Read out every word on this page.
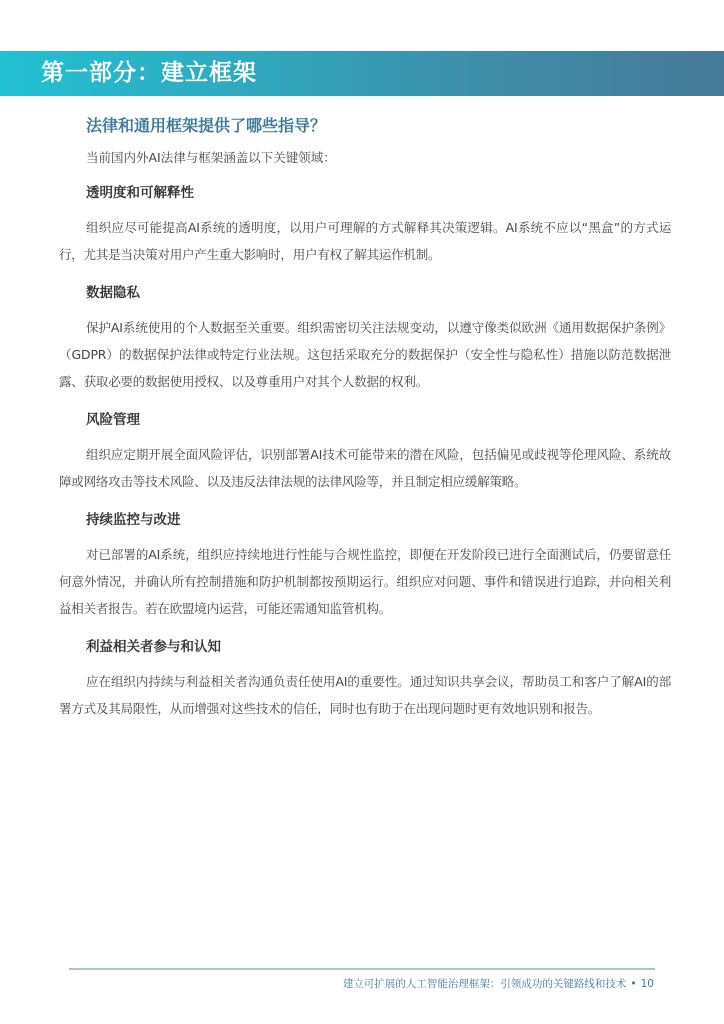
第一部分：建立框架
法律和通用框架提供了哪些指导？
当前国内外AI法律与框架涵盖以下关键领域：
透明度和可解释性
组织应尽可能提高AI系统的透明度，以用户可理解的方式解释其决策逻辑。AI系统不应以“黑盒”的方式运行，尤其是当决策对用户产生重大影响时，用户有权了解其运作机制。
数据隐私
保护AI系统使用的个人数据至关重要。组织需密切关注法规变动，以遵守像类似欧洲《通用数据保护条例》（GDPR）的数据保护法律或特定行业法规。这包括采取充分的数据保护（安全性与隐私性）措施以防范数据泄露、获取必要的数据使用授权、以及尊重用户对其个人数据的权利。
风险管理
组织应定期开展全面风险评估，识别部署AI技术可能带来的潜在风险，包括偏见或歧视等伦理风险、系统故障或网络攻击等技术风险、以及违反法律法规的法律风险等，并且制定相应缓解策略。
持续监控与改进
对已部署的AI系统，组织应持续地进行性能与合规性监控，即便在开发阶段已进行全面测试后，仍要留意任何意外情况，并确认所有控制措施和防护机制都按预期运行。组织应对问题、事件和错误进行追踪，并向相关利益相关者报告。若在欧盟境内运营，可能还需通知监管机构。
利益相关者参与和认知
应在组织内持续与利益相关者沟通负责任使用AI的重要性。通过知识共享会议，帮助员工和客户了解AI的部署方式及其局限性，从而增强对这些技术的信任，同时也有助于在出现问题时更有效地识别和报告。
建立可扩展的人工智能治理框架：引领成功的关键路线和技术 • 10
